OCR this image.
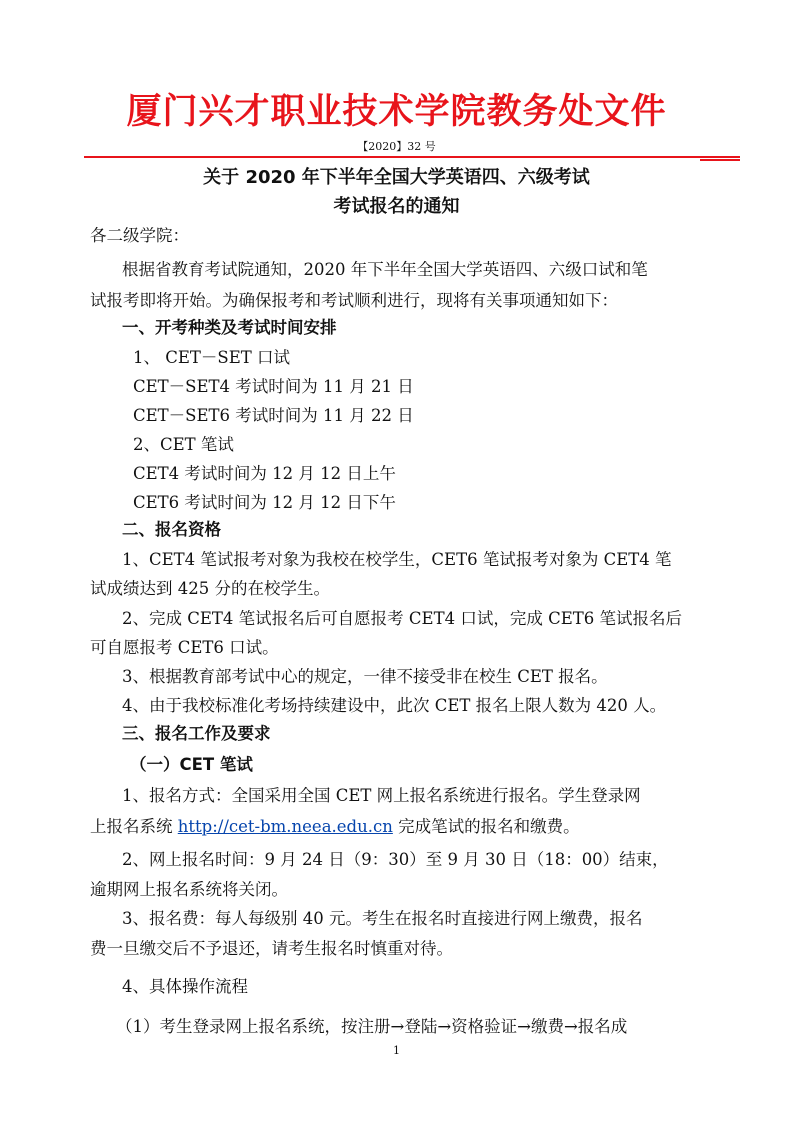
厦门兴才职业技术学院教务处文件
【2020】32 号
关于 2020 年下半年全国大学英语四、六级考试
考试报名的通知
各二级学院：
根据省教育考试院通知，2020 年下半年全国大学英语四、六级口试和笔
试报考即将开始。为确保报考和考试顺利进行，现将有关事项通知如下：
一、开考种类及考试时间安排
1、 CET－SET 口试
CET－SET4 考试时间为 11 月 21 日
CET－SET6 考试时间为 11 月 22 日
2、CET 笔试
CET4 考试时间为 12 月 12 日上午
CET6 考试时间为 12 月 12 日下午
二、报名资格
1、CET4 笔试报考对象为我校在校学生，CET6 笔试报考对象为 CET4 笔
试成绩达到 425 分的在校学生。
2、完成 CET4 笔试报名后可自愿报考 CET4 口试，完成 CET6 笔试报名后
可自愿报考 CET6 口试。
3、根据教育部考试中心的规定，一律不接受非在校生 CET 报名。
4、由于我校标准化考场持续建设中，此次 CET 报名上限人数为 420 人。
三、报名工作及要求
（一）CET 笔试
1、报名方式：全国采用全国 CET 网上报名系统进行报名。学生登录网
上报名系统 http://cet-bm.neea.edu.cn 完成笔试的报名和缴费。
2、网上报名时间：9 月 24 日（9：30）至 9 月 30 日（18：00）结束，
逾期网上报名系统将关闭。
3、报名费：每人每级别 40 元。考生在报名时直接进行网上缴费，报名
费一旦缴交后不予退还，请考生报名时慎重对待。
4、具体操作流程
（1）考生登录网上报名系统，按注册→登陆→资格验证→缴费→报名成
1
